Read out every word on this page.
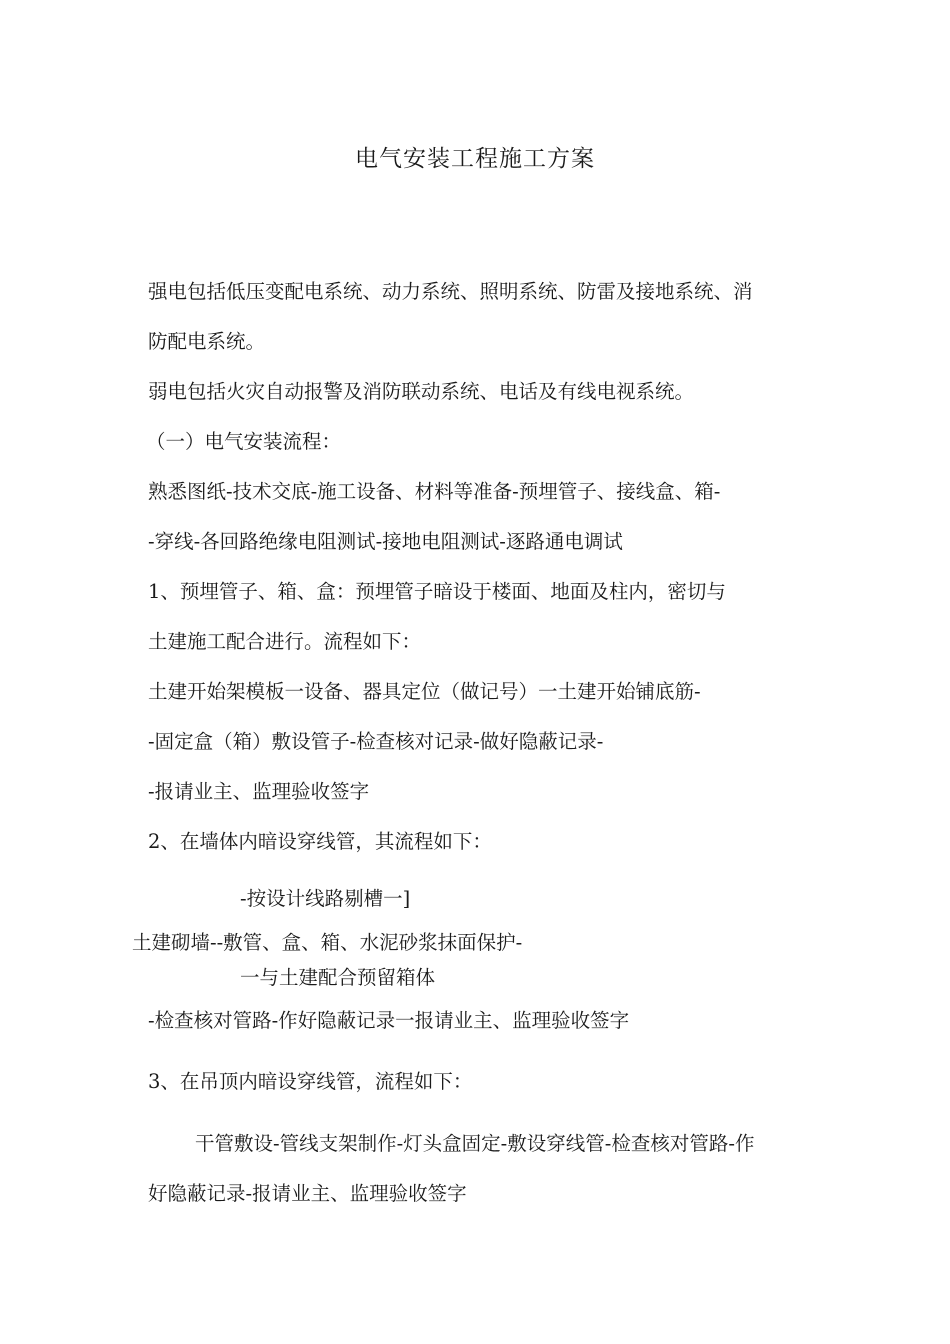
电气安装工程施工方案
强电包括低压变配电系统、动力系统、照明系统、防雷及接地系统、消
防配电系统。
弱电包括火灾自动报警及消防联动系统、电话及有线电视系统。
（一）电气安装流程：
熟悉图纸-技术交底-施工设备、材料等准备-预埋管子、接线盒、箱-
-穿线-各回路绝缘电阻测试-接地电阻测试-逐路通电调试
1、预埋管子、箱、盒：预埋管子暗设于楼面、地面及柱内，密切与
土建施工配合进行。流程如下：
土建开始架模板一设备、器具定位（做记号）一土建开始铺底筋-
-固定盒（箱）敷设管子-检查核对记录-做好隐蔽记录-
-报请业主、监理验收签字
2、在墙体内暗设穿线管，其流程如下：
-按设计线路剔槽一]
土建砌墙--敷管、盒、箱、水泥砂浆抹面保护-
一与土建配合预留箱体
-检查核对管路-作好隐蔽记录一报请业主、监理验收签字
3、在吊顶内暗设穿线管，流程如下：
干管敷设-管线支架制作-灯头盒固定-敷设穿线管-检查核对管路-作
好隐蔽记录-报请业主、监理验收签字
